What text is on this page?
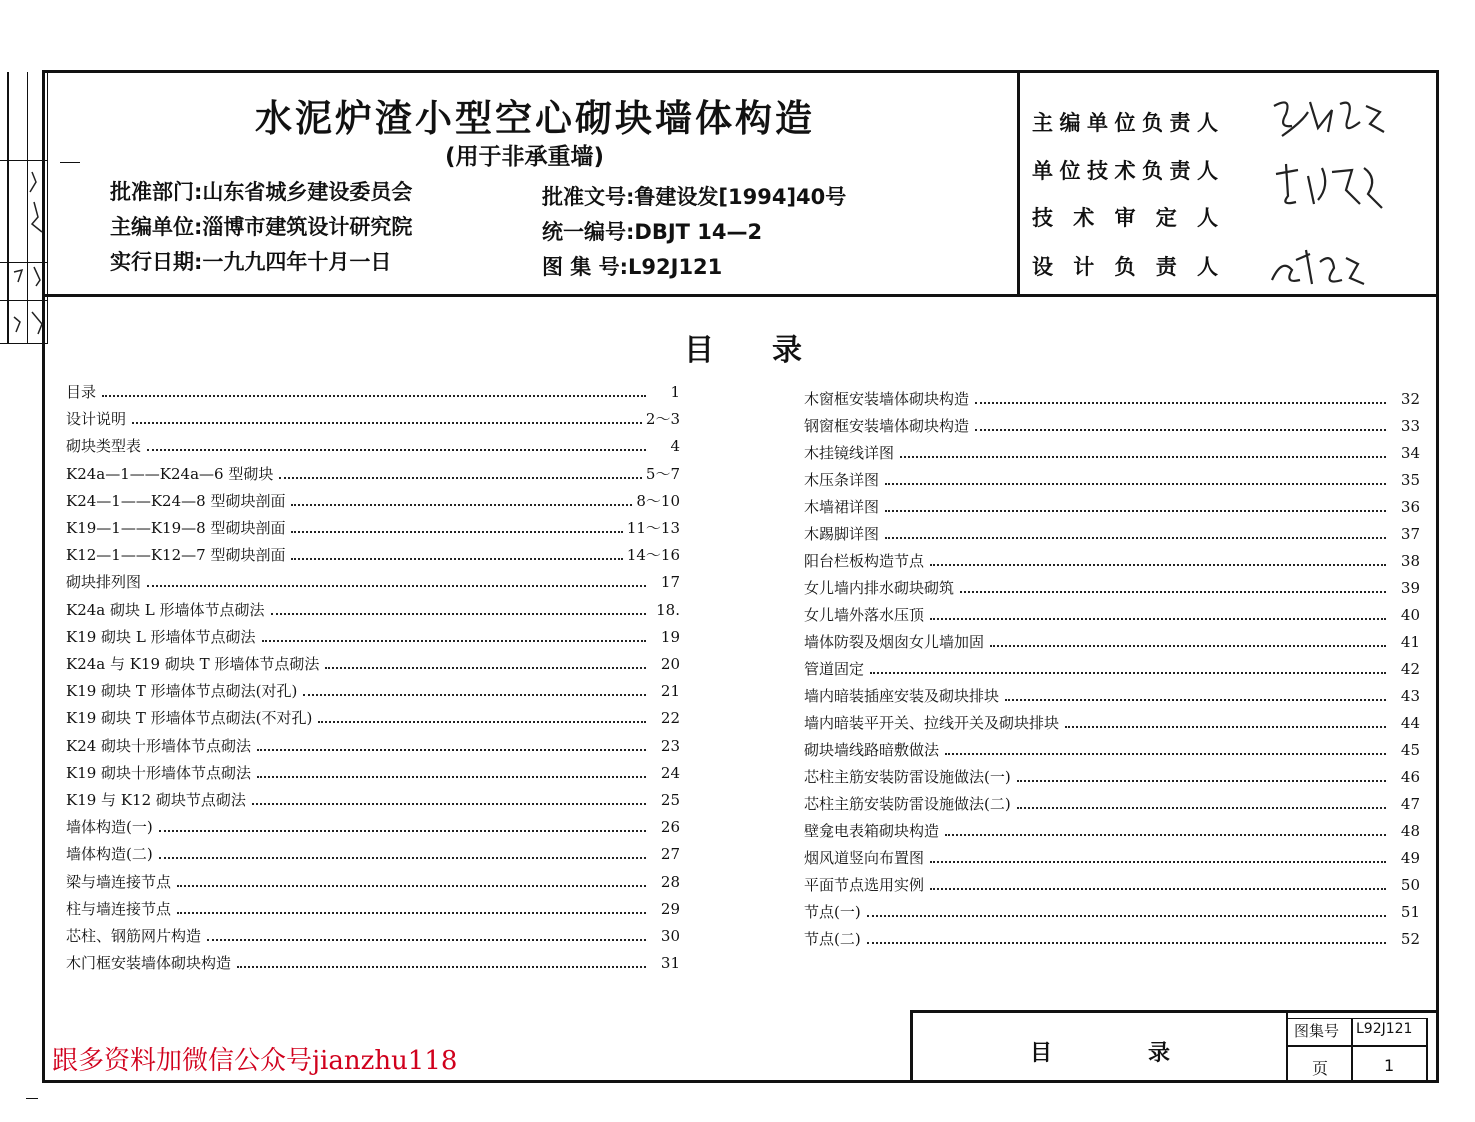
水泥炉渣小型空心砌块墙体构造
(用于非承重墙)
批准部门:山东省城乡建设委员会
主编单位:淄博市建筑设计研究院
实行日期:一九九四年十月一日
批准文号:鲁建设发[1994]40号
统一编号:DBJT 14—2
图 集 号:L92J121
主编单位负责人
单位技术负责人
技术审定人
设计负责人
目录
目录	1
设计说明	2～3
砌块类型表	4
K24a—1——K24a—6 型砌块	5～7
K24—1——K24—8 型砌块剖面	8～10
K19—1——K19—8 型砌块剖面	11～13
K12—1——K12—7 型砌块剖面	14～16
砌块排列图	17
K24a 砌块 L 形墙体节点砌法	18.
K19 砌块 L 形墙体节点砌法	19
K24a 与 K19 砌块 T 形墙体节点砌法	20
K19 砌块 T 形墙体节点砌法(对孔)	21
K19 砌块 T 形墙体节点砌法(不对孔)	22
K24 砌块十形墙体节点砌法	23
K19 砌块十形墙体节点砌法	24
K19 与 K12 砌块节点砌法	25
墙体构造(一)	26
墙体构造(二)	27
梁与墙连接节点	28
柱与墙连接节点	29
芯柱、钢筋网片构造	30
木门框安装墙体砌块构造	31
木窗框安装墙体砌块构造	32
钢窗框安装墙体砌块构造	33
木挂镜线详图	34
木压条详图	35
木墙裙详图	36
木踢脚详图	37
阳台栏板构造节点	38
女儿墙内排水砌块砌筑	39
女儿墙外落水压顶	40
墙体防裂及烟囱女儿墙加固	41
管道固定	42
墙内暗装插座安装及砌块排块	43
墙内暗装平开关、拉线开关及砌块排块	44
砌块墙线路暗敷做法	45
芯柱主筋安装防雷设施做法(一)	46
芯柱主筋安装防雷设施做法(二)	47
壁龛电表箱砌块构造	48
烟风道竖向布置图	49
平面节点选用实例	50
节点(一)	51
节点(二)	52
目录
图集号 L92J121
页	1
跟多资料加微信公众号jianzhu118
